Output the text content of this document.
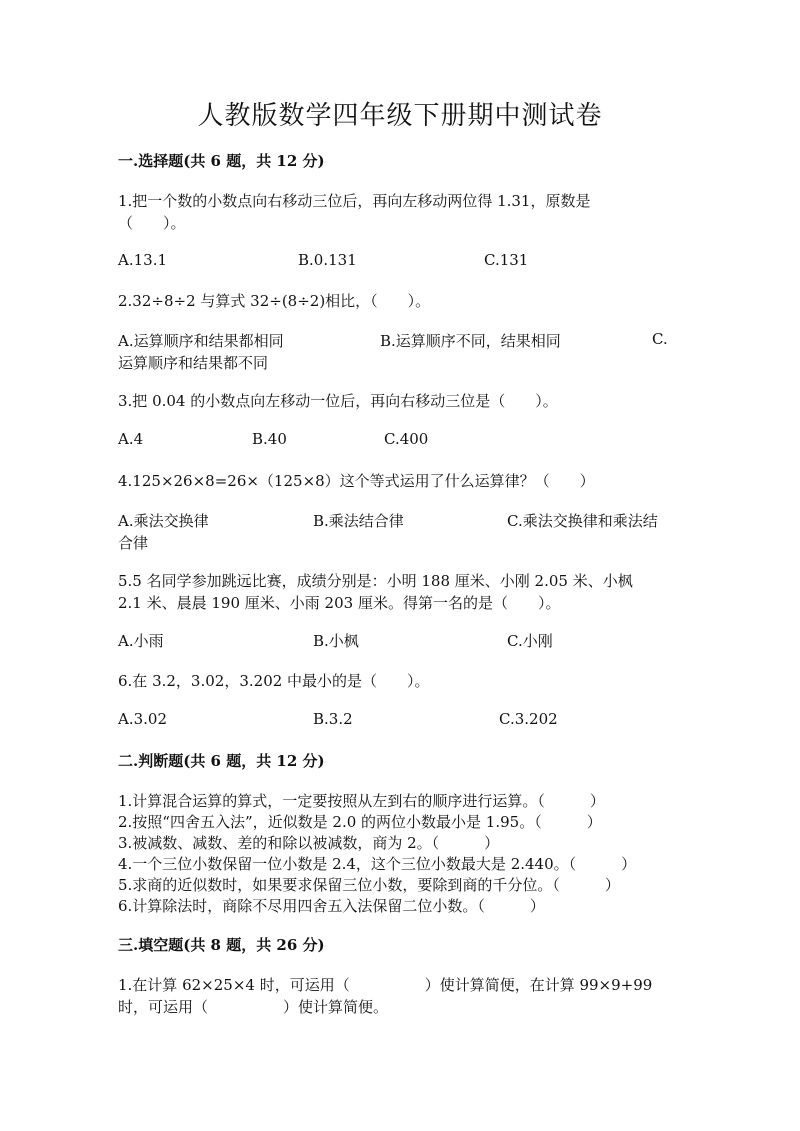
人教版数学四年级下册期中测试卷
一.选择题(共 6 题，共 12 分)
1.把一个数的小数点向右移动三位后，再向左移动两位得 1.31，原数是
（　　）。
A.13.1	B.0.131	C.131
2.32÷8÷2 与算式 32÷(8÷2)相比，（　　）。
A.运算顺序和结果都相同	B.运算顺序不同，结果相同	C.
运算顺序和结果都不同
3.把 0.04 的小数点向左移动一位后，再向右移动三位是（　　）。
A.4	B.40	C.400
4.125×26×8=26×（125×8）这个等式运用了什么运算律？（　　）
A.乘法交换律	B.乘法结合律	C.乘法交换律和乘法结
合律
5.5 名同学参加跳远比赛，成绩分别是：小明 188 厘米、小刚 2.05 米、小枫
2.1 米、晨晨 190 厘米、小雨 203 厘米。得第一名的是（　　）。
A.小雨	B.小枫	C.小刚
6.在 3.2，3.02，3.202 中最小的是（　　）。
A.3.02	B.3.2	C.3.202
二.判断题(共 6 题，共 12 分)
1.计算混合运算的算式，一定要按照从左到右的顺序进行运算。（　　　）
2.按照“四舍五入法”，近似数是 2.0 的两位小数最小是 1.95。（　　　）
3.被减数、减数、差的和除以被减数，商为 2。（　　　）
4.一个三位小数保留一位小数是 2.4，这个三位小数最大是 2.440。（　　　）
5.求商的近似数时，如果要求保留三位小数，要除到商的千分位。（　　　）
6.计算除法时，商除不尽用四舍五入法保留二位小数。（　　　）
三.填空题(共 8 题，共 26 分)
1.在计算 62×25×4 时，可运用（　　　　　）使计算简便，在计算 99×9+99
时，可运用（　　　　　）使计算简便。
